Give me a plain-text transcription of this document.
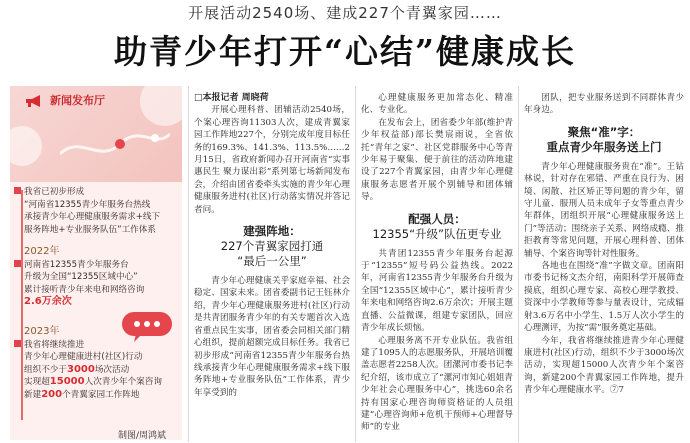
开展活动2540场、建成227个青翼家园……
助青少年打开“心结”健康成长
新闻发布厅
我省已初步形成
“河南省12355青少年服务台热线
承接青少年心理健康服务需求+线下
服务阵地+专业服务队伍”工作体系
2022年
河南省12355青少年服务台
升级为全国“12355区域中心”
累计接听青少年来电和网络咨询
2.6万余次
2023年
我省将继续推进
青少年心理健康进村(社区)行动
组织不少于3000场次活动
实现超15000人次青少年个案咨询
新建200个青翼家园工作阵地
制图/周鸿斌

□本报记者 周晓荷

开展心理科普、团辅活动2540场，个案心理咨询11303人次，建成青翼家园工作阵地227个，分别完成年度目标任务的169.3%、141.3%、113.5%……2月15日，省政府新闻办召开河南省“实事惠民生 聚力谋出彩”系列第七场新闻发布会，介绍由团省委牵头实施的青少年心理健康服务进村(社区)行动落实情况并答记者问。

建强阵地：
227个青翼家园打通
“最后一公里”

青少年心理健康关乎家庭幸福、社会稳定、国家未来。团省委副书记王钰林介绍，青少年心理健康服务进村(社区)行动是共青团服务青少年的有关专题首次入选省重点民生实事，团省委会同相关部门精心组织，提前超额完成目标任务。我省已初步形成“河南省12355青少年服务台热线承接青少年心理健康服务需求+线下服务阵地+专业服务队伍”工作体系，青少年享受到的

心理健康服务更加常态化、精准化、专业化。

在发布会上，团省委少年部(维护青少年权益部)部长樊宸雨说，全省依托“青年之家”、社区党群服务中心等青少年易于聚集、便于前往的活动阵地建设了227个青翼家园，由青少年心理健康服务志愿者开展个别辅导和团体辅导。

配强人员：
12355“升级”队伍更专业

共青团12355青少年服务台起源于“12355”短号码公益热线。2022年，河南省12355青少年服务台升级为全国“12355区域中心”，累计接听青少年来电和网络咨询2.6万余次；开展主题直播、公益微课，组建专家团队，回应青少年成长烦恼。

心理服务离不开专业队伍。我省组建了1095人的志愿服务队，开展培训覆盖志愿者2258人次。团漯河市委书记李纪介绍，该市成立了“漯河市知心姐姐青少年社会心理服务中心”，挑选60余名持有国家心理咨询师资格证的人员组建“心理咨询师+危机干预师+心理督导师”的专业

团队，把专业服务送到不同群体青少年身边。

聚焦“准”字：
重点青少年服务送上门

青少年心理健康服务贵在“准”。王钻林说，针对存在邪错、严重在良行为、困境、闲散、社区矫正等问题的青少年，留守儿童、服刑人员未成年子女等重点青少年群体，团组织开展“心理健康服务送上门”等活动；围绕亲子关系、网络成瘾、推拒教育等常见问题，开展心理科普、团体辅导、个案咨询等针对性服务。

各地也在围绕“准”字做文章。团南阳市委书记杨文杰介绍，南阳科学开展筛查摸底，组织心理专家、高校心理学教授、资深中小学教师等参与量表设计，完成辐射3.6万名中小学生、1.5万人次小学生的心理测评，为按“需”服务奠定基础。

今年，我省将继续推进青少年心理健康进村(社区)行动，组织不少于3000场次活动，实现超15000人次青少年个案咨询，新建200个青翼家园工作阵地，提升青少年心理健康水平。⑦7
